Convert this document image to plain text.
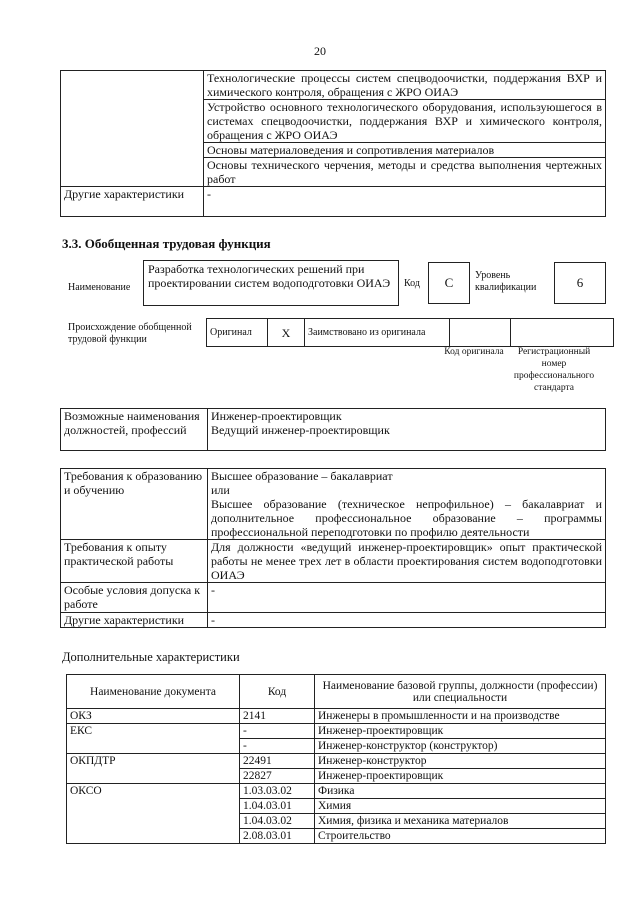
20

	Технологические процессы систем спецводоочистки, поддержания ВХР и химического контроля, обращения с ЖРО ОИАЭ

	Устройство основного технологического оборудования, используюшегося в системах спецводоочистки, поддержания ВХР и химического контроля, обращения с ЖРО ОИАЭ

	Основы материаловедения и сопротивления материалов

	Основы технического черчения, методы и средства выполнения чертежных работ

Другие характеристики	-
3.3. Обобщенная трудовая функция
Наименование
Разработка технологических решений при проектировании систем водоподготовки ОИАЭ	Код	С	Уровень квалификации	6
Происхождение обобщенной трудовой функции
Оригинал	Х	Заимствовано из оригинала		
Код оригинала	Регистрационный номер профессионального стандарта
Возможные наименования должностей, профессий	
Инженер-проектировщик
Ведущий инженер-проектировщик
Требования к образованию и обучению	Высшее образование – бакалавриат
или
Высшее образование (техническое непрофильное) – бакалавриат и дополнительное профессиональное образование – программы профессиональной переподготовки по профилю деятельности

Требования к опыту практической работы	Для должности «ведущий инженер-проектировщик» опыт практической работы не менее трех лет в области проектирования систем водоподготовки ОИАЭ

Особые условия допуска к работе	-
Другие характеристики	-
Дополнительные характеристики
Наименование документа	Код	Наименование базовой группы, должности (профессии) или специальности
ОКЗ	2141	Инженеры в промышленности и на производстве
ЕКС	-	Инженер-проектировщик
	-	Инженер-конструктор (конструктор)
ОКПДТР	22491	Инженер-конструктор
	22827	Инженер-проектировщик
ОКСО	1.03.03.02	Физика
	1.04.03.01	Химия
	1.04.03.02	Химия, физика и механика материалов
	2.08.03.01	Строительство
